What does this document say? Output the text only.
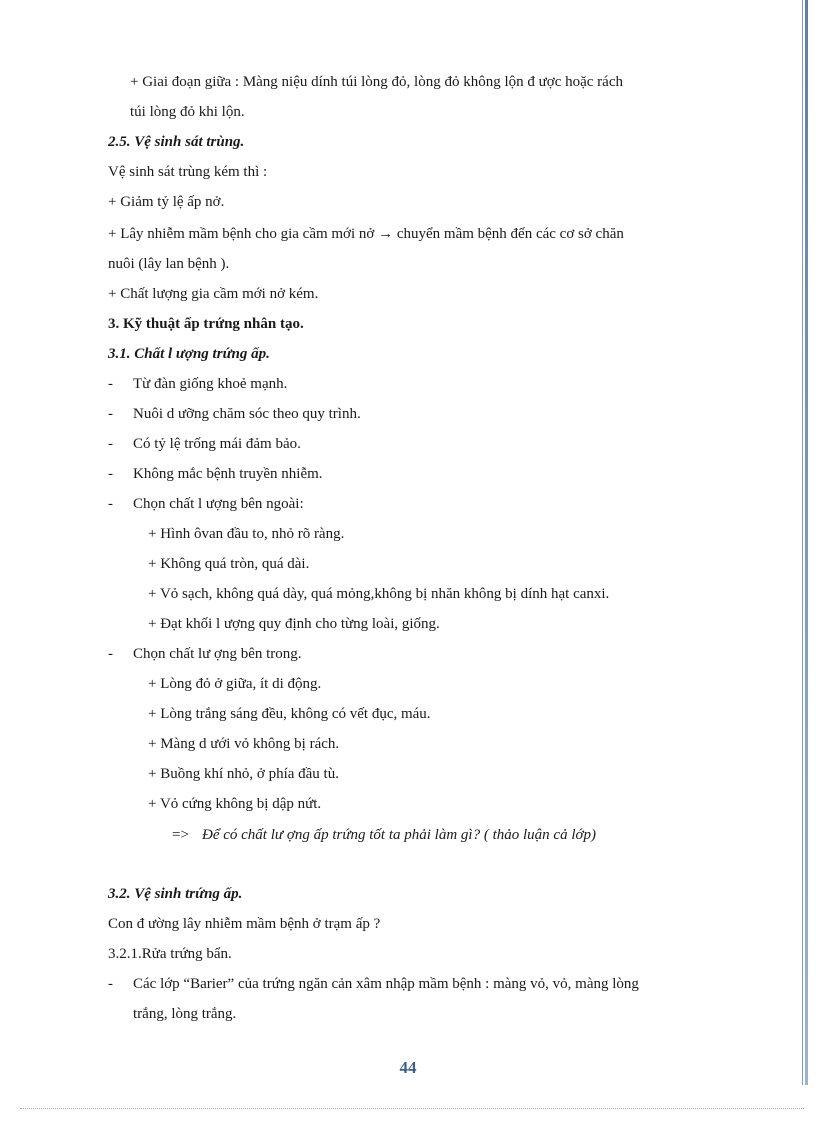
+ Giai đoạn giữa : Màng niệu dính túi lòng đỏ, lòng đỏ không lộn đ ược hoặc rách
túi lòng đỏ khi lộn.
2.5. Vệ sinh sát trùng.
Vệ sinh sát trùng kém thì :
+ Giảm tỷ lệ ấp nở.
+ Lây nhiễm mầm bệnh cho gia cầm mới nở → chuyển mầm bệnh đến các cơ sở chăn
nuôi (lây lan bệnh ).
+ Chất lượng gia cầm mới nở kém.
3. Kỹ thuật ấp trứng nhân tạo.
3.1. Chất l ượng trứng ấp.
- Từ đàn giống khoẻ mạnh.
- Nuôi d ưỡng chăm sóc theo quy trình.
- Có tỷ lệ trống mái đảm bảo.
- Không mắc bệnh truyền nhiễm.
- Chọn chất l ượng bên ngoài:
+ Hình ôvan đầu to, nhỏ rõ ràng.
+ Không quá tròn, quá dài.
+ Vỏ sạch, không quá dày, quá mỏng,không bị nhăn không bị dính hạt canxi.
+ Đạt khối l ượng quy định cho từng loài, giống.
- Chọn chất lư ợng bên trong.
+ Lòng đỏ ở giữa, ít di động.
+ Lòng trắng sáng đều, không có vết đục, máu.
+ Màng d ưới vỏ không bị rách.
+ Buồng khí nhỏ, ở phía đầu tù.
+ Vỏ cứng không bị dập nứt.
=> Để có chất lư ợng ấp trứng tốt ta phải làm gì? ( thảo luận cả lớp)
3.2. Vệ sinh trứng ấp.
Con đ ường lây nhiễm mầm bệnh ở trạm ấp ?
3.2.1.Rửa trứng bẩn.
- Các lớp “Barier” của trứng ngăn cản xâm nhập mầm bệnh : màng vỏ, vỏ, màng lòng
trắng, lòng trắng.
44
